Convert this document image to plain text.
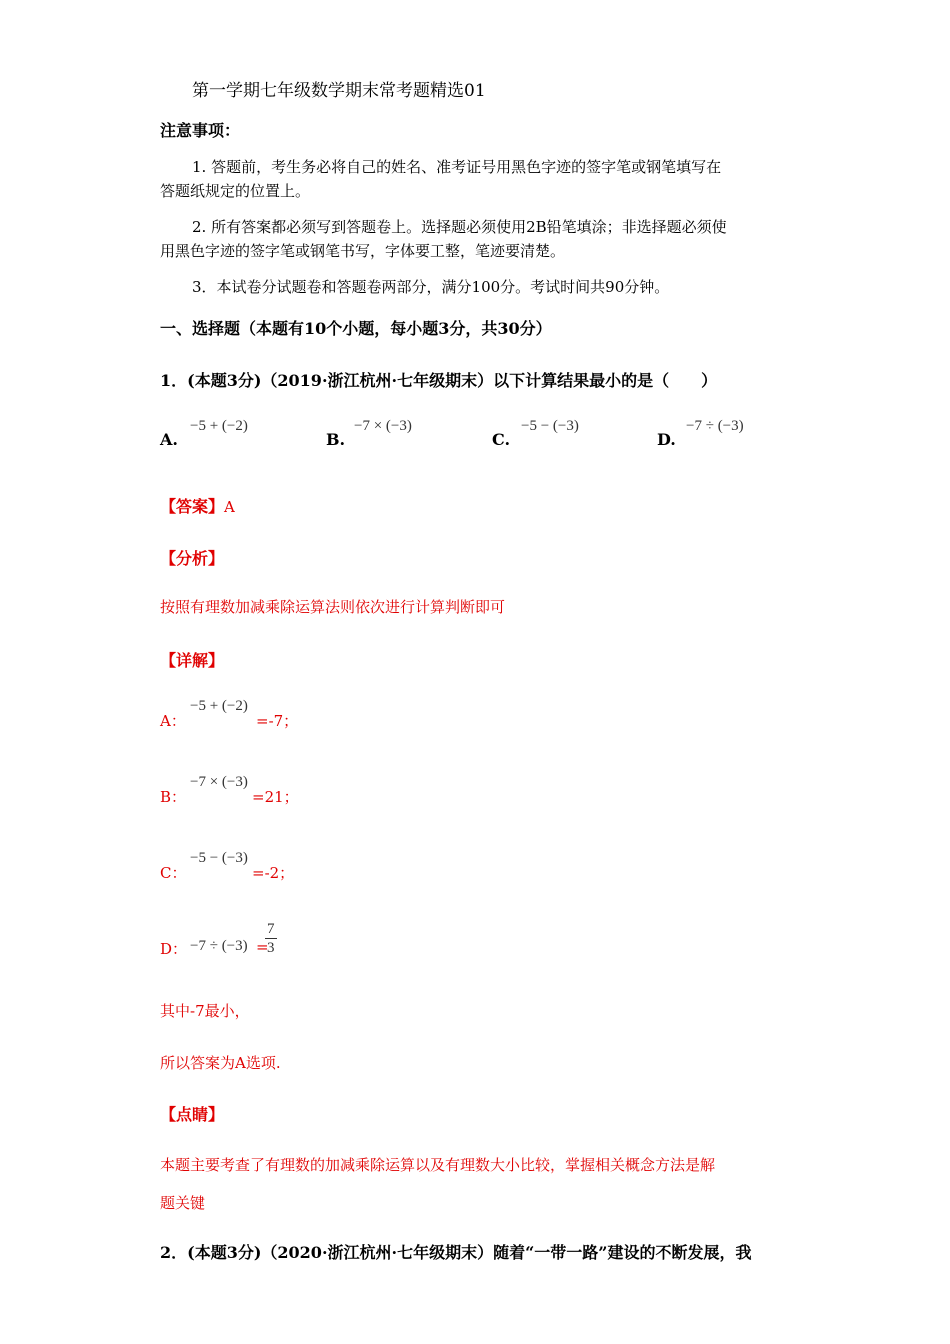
第一学期七年级数学期末常考题精选01
注意事项：
1. 答题前，考生务必将自己的姓名、准考证号用黑色字迹的签字笔或钢笔填写在
答题纸规定的位置上。
2. 所有答案都必须写到答题卷上。选择题必须使用2B铅笔填涂；非选择题必须使
用黑色字迹的签字笔或钢笔书写，字体要工整，笔迹要清楚。
3．本试卷分试题卷和答题卷两部分，满分100分。考试时间共90分钟。
一、选择题（本题有10个小题，每小题3分，共30分）
1．(本题3分)（2019·浙江杭州·七年级期末）以下计算结果最小的是（　　）
A.
−5 + (−2)
B.
−7 × (−3)
C.
−5 − (−3)
D.
−7 ÷ (−3)
【答案】A
【分析】
按照有理数加减乘除运算法则依次进行计算判断即可
【详解】
A：
−5 + (−2)
=-7；
B：
−7 × (−3)
=21；
C：
−5 − (−3)
=-2；
D： −7 ÷ (−3) =
$\frac{7}{3}$
其中-7最小，
所以答案为A选项.
【点睛】
本题主要考查了有理数的加减乘除运算以及有理数大小比较，掌握相关概念方法是解
题关键
2．(本题3分)（2020·浙江杭州·七年级期末）随着“一带一路”建设的不断发展，我
